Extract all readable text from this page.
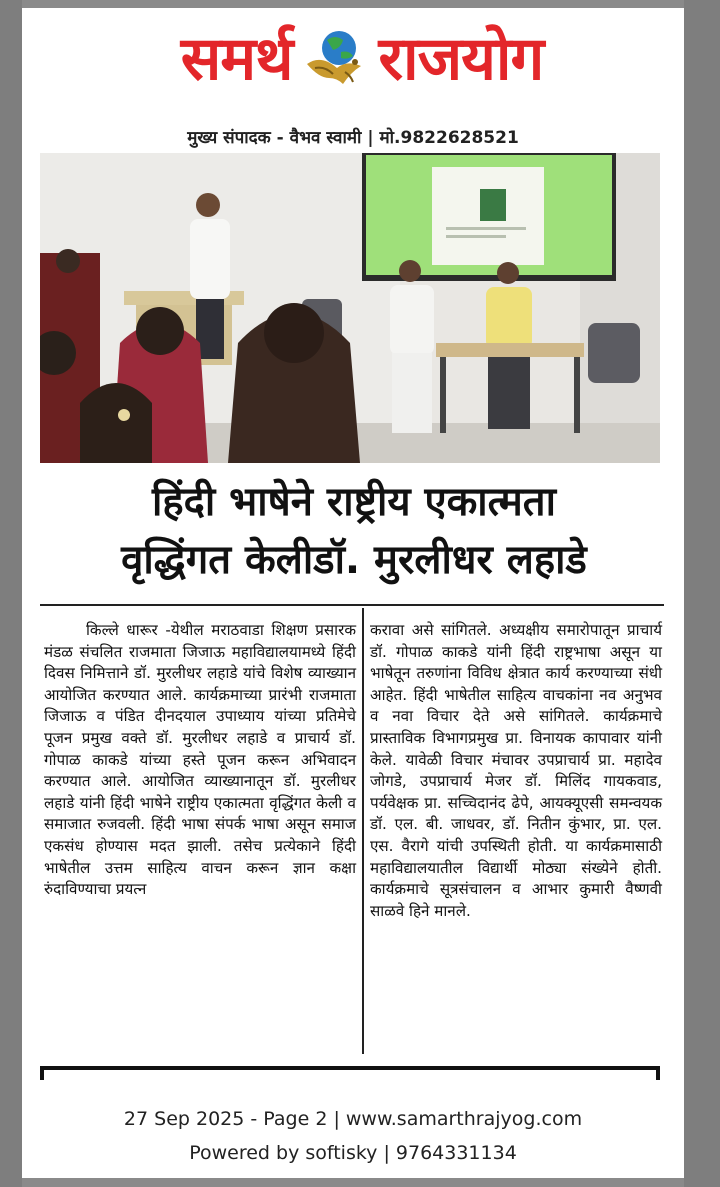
समर्थ राजयोग
मुख्य संपादक - वैभव स्वामी | मो.9822628521
हिंदी भाषेने राष्ट्रीय एकात्मता
वृद्धिंगत केलीडॉ. मुरलीधर लहाडे
किल्ले धारूर -येथील मराठवाडा शिक्षण प्रसारक मंडळ संचलित राजमाता जिजाऊ महाविद्यालयामध्ये हिंदी दिवस निमित्ताने डॉ. मुरलीधर लहाडे यांचे विशेष व्याख्यान आयोजित करण्यात आले. कार्यक्रमाच्या प्रारंभी राजमाता जिजाऊ व पंडित दीनदयाल उपाध्याय यांच्या प्रतिमेचे पूजन प्रमुख वक्ते डॉ. मुरलीधर लहाडे व प्राचार्य डॉ. गोपाळ काकडे यांच्या हस्ते पूजन करून अभिवादन करण्यात आले. आयोजित व्याख्यानातून डॉ. मुरलीधर लहाडे यांनी हिंदी भाषेने राष्ट्रीय एकात्मता वृद्धिंगत केली व समाजात रुजवली. हिंदी भाषा संपर्क भाषा असून समाज एकसंध होण्यास मदत झाली. तसेच प्रत्येकाने हिंदी भाषेतील उत्तम साहित्य वाचन करून ज्ञान कक्षा रुंदाविण्याचा प्रयत्न
करावा असे सांगितले. अध्यक्षीय समारोपातून प्राचार्य डॉ. गोपाळ काकडे यांनी हिंदी राष्ट्रभाषा असून या भाषेतून तरुणांना विविध क्षेत्रात कार्य करण्याच्या संधी आहेत. हिंदी भाषेतील साहित्य वाचकांना नव अनुभव व नवा विचार देते असे सांगितले. कार्यक्रमाचे प्रास्ताविक विभागप्रमुख प्रा. विनायक कापावार यांनी केले. यावेळी विचार मंचावर उपप्राचार्य प्रा. महादेव जोगडे, उपप्राचार्य मेजर डॉ. मिलिंद गायकवाड, पर्यवेक्षक प्रा. सच्चिदानंद ढेपे, आयक्यूएसी समन्वयक डॉ. एल. बी. जाधवर, डॉ. नितीन कुंभार, प्रा. एल. एस. वैरागे यांची उपस्थिती होती. या कार्यक्रमासाठी महाविद्यालयातील विद्यार्थी मोठ्या संख्येने होती. कार्यक्रमाचे सूत्रसंचालन व आभार कुमारी वैष्णवी साळवे हिने मानले.
27 Sep 2025 - Page 2 | www.samarthrajyog.com
Powered by softisky | 9764331134
